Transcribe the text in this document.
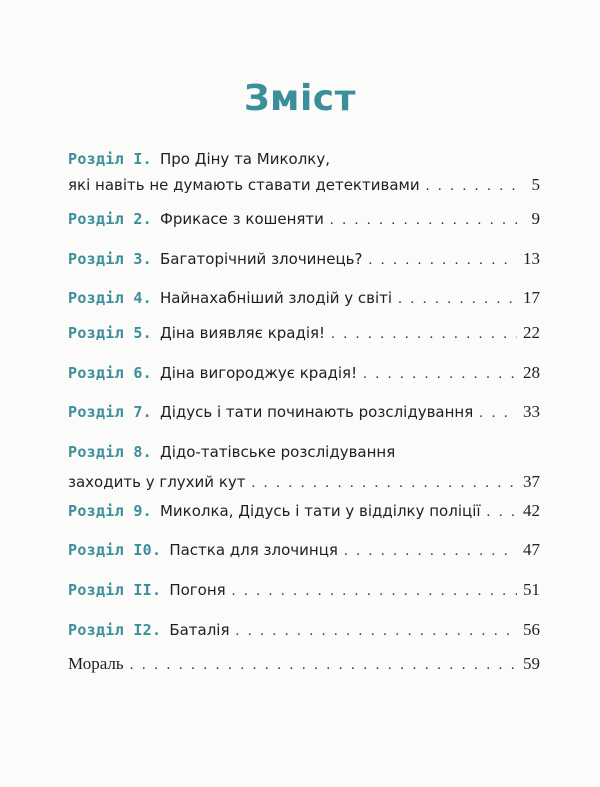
Зміст
Розділ I. Про Діну та Миколку,
які навіть не думають ставати детективами . . .	5
Розділ 2. Фрикасе з кошеняти . . .	9
Розділ 3. Багаторічний злочинець? . . .	13
Розділ 4. Найнахабніший злодій у світі . . .	17
Розділ 5. Діна виявляє крадія! . . .	22
Розділ 6. Діна вигороджує крадія! . . .	28
Розділ 7. Дідусь і тати починають розслідування . . .	33
Розділ 8. Дідо-татівське розслідування
заходить у глухий кут . . .	37
Розділ 9. Миколка, Дідусь і тати у відділку поліції . . . 42
Розділ I0. Пастка для злочинця . . .	47
Розділ II. Погоня . . .	51
Розділ I2. Баталія . . .	56
Мораль . . .	59
